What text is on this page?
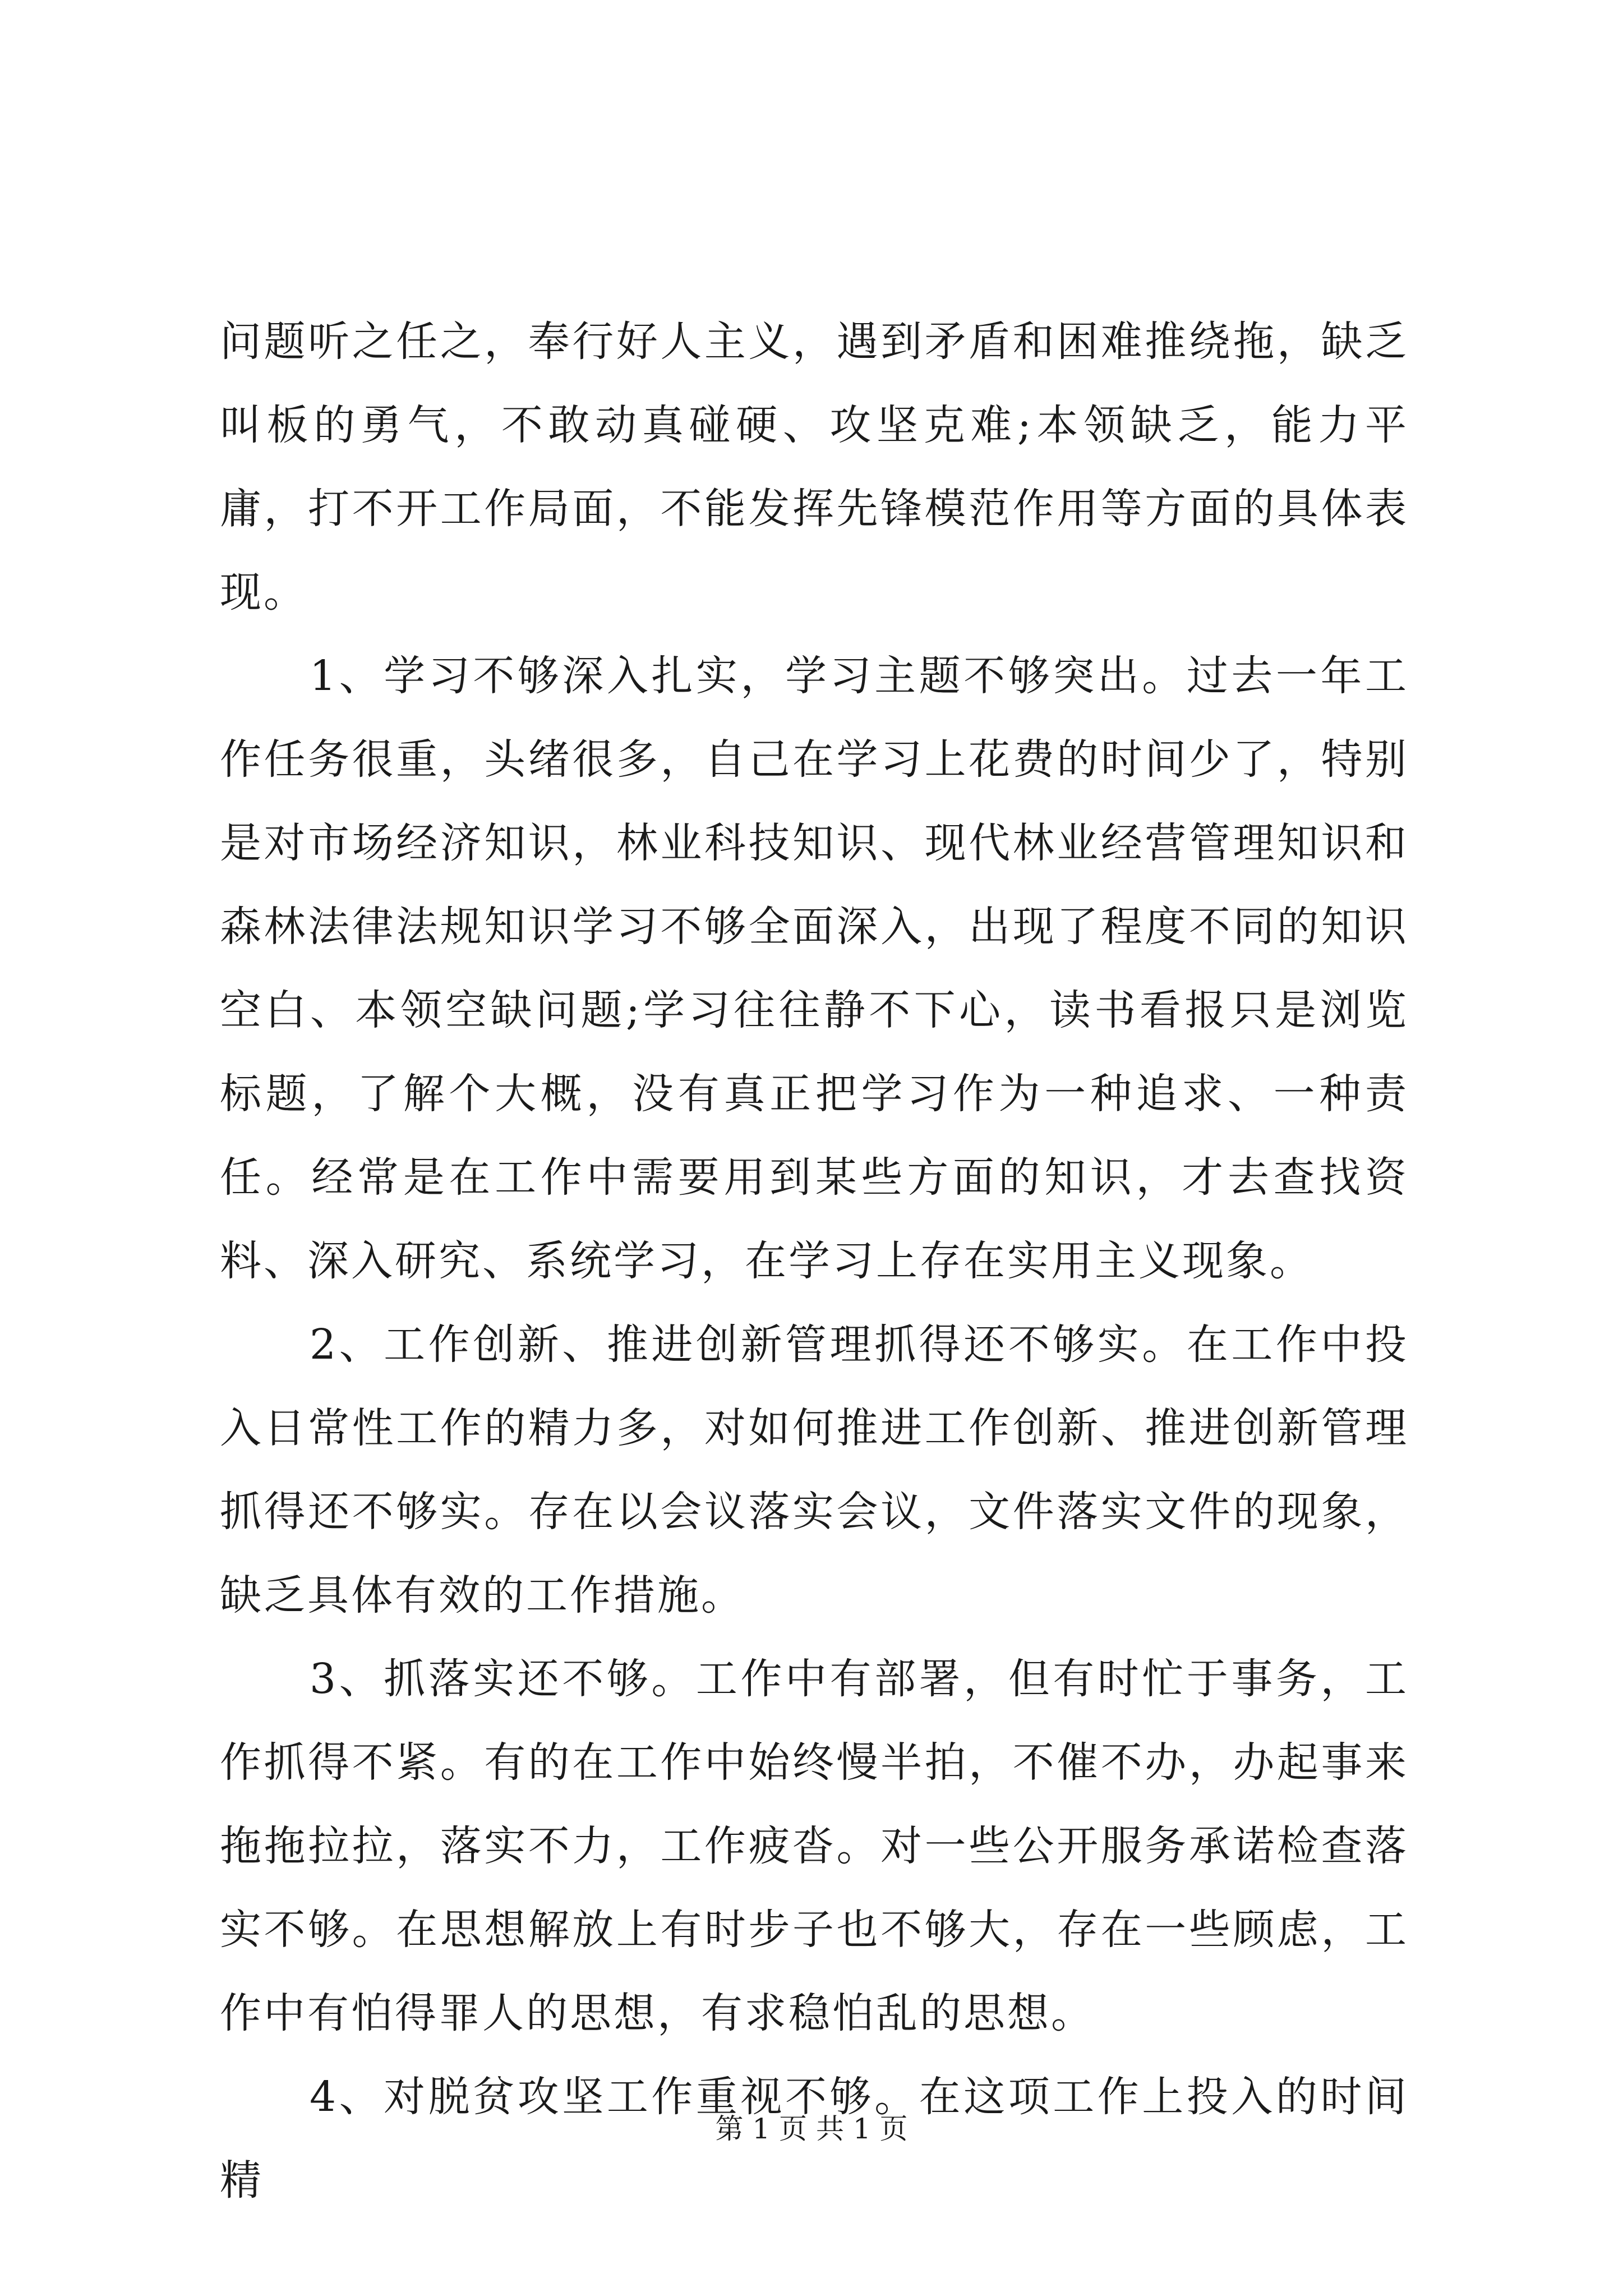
问题听之任之，奉行好人主义，遇到矛盾和困难推绕拖，缺乏叫板的勇气，不敢动真碰硬、攻坚克难;本领缺乏，能力平庸，打不开工作局面，不能发挥先锋模范作用等方面的具体表现。

1、学习不够深入扎实，学习主题不够突出。过去一年工作任务很重，头绪很多，自己在学习上花费的时间少了，特别是对市场经济知识，林业科技知识、现代林业经营管理知识和森林法律法规知识学习不够全面深入，出现了程度不同的知识空白、本领空缺问题;学习往往静不下心，读书看报只是浏览标题，了解个大概，没有真正把学习作为一种追求、一种责任。经常是在工作中需要用到某些方面的知识，才去查找资料、深入研究、系统学习，在学习上存在实用主义现象。

2、工作创新、推进创新管理抓得还不够实。在工作中投入日常性工作的精力多，对如何推进工作创新、推进创新管理抓得还不够实。存在以会议落实会议，文件落实文件的现象，缺乏具体有效的工作措施。

3、抓落实还不够。工作中有部署，但有时忙于事务，工作抓得不紧。有的在工作中始终慢半拍，不催不办，办起事来拖拖拉拉，落实不力，工作疲沓。对一些公开服务承诺检查落实不够。在思想解放上有时步子也不够大，存在一些顾虑，工作中有怕得罪人的思想，有求稳怕乱的思想。

4、对脱贫攻坚工作重视不够。在这项工作上投入的时间精

第 1 页 共 1 页
